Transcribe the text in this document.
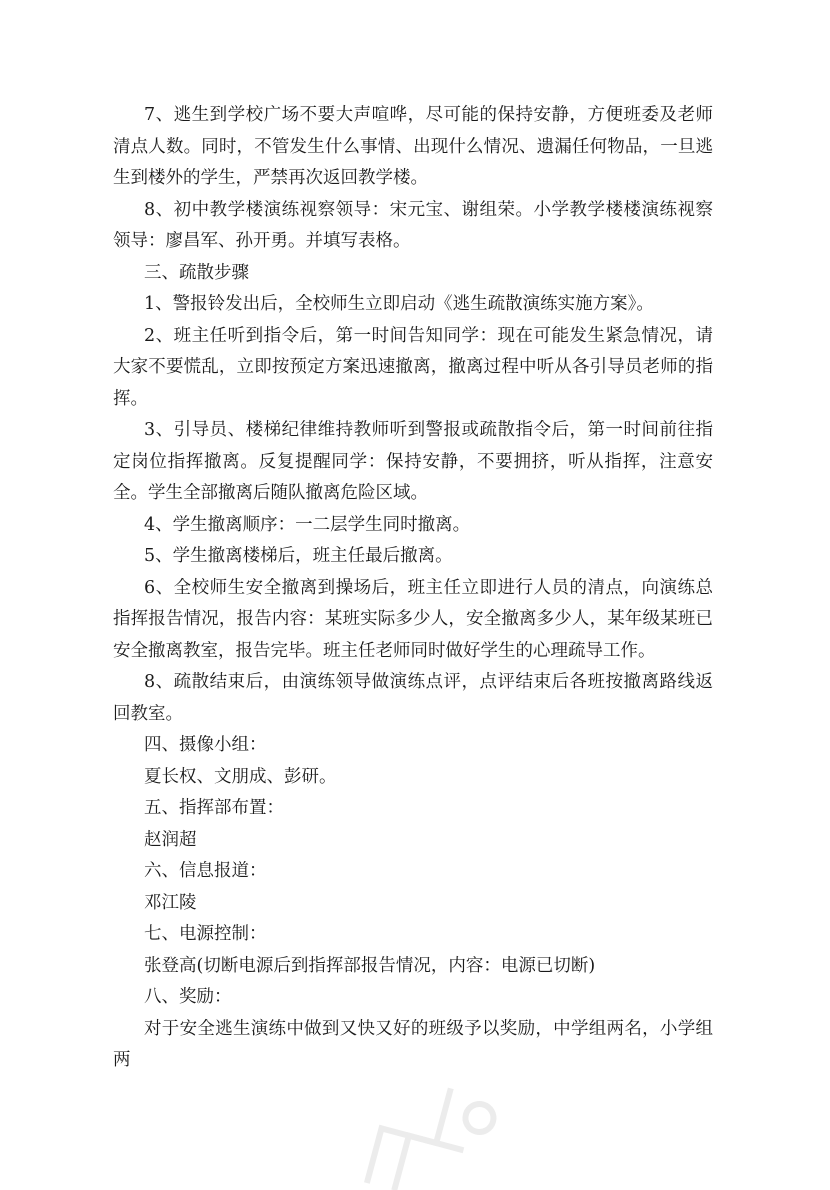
7、逃生到学校广场不要大声喧哗，尽可能的保持安静，方便班委及老师清点人数。同时，不管发生什么事情、出现什么情况、遗漏任何物品，一旦逃生到楼外的学生，严禁再次返回教学楼。

8、初中教学楼演练视察领导：宋元宝、谢组荣。小学教学楼楼演练视察领导：廖昌军、孙开勇。并填写表格。

三、疏散步骤

1、警报铃发出后，全校师生立即启动《逃生疏散演练实施方案》。

2、班主任听到指令后，第一时间告知同学：现在可能发生紧急情况，请大家不要慌乱，立即按预定方案迅速撤离，撤离过程中听从各引导员老师的指挥。

3、引导员、楼梯纪律维持教师听到警报或疏散指令后，第一时间前往指定岗位指挥撤离。反复提醒同学：保持安静，不要拥挤，听从指挥，注意安全。学生全部撤离后随队撤离危险区域。

4、学生撤离顺序：一二层学生同时撤离。

5、学生撤离楼梯后，班主任最后撤离。

6、全校师生安全撤离到操场后，班主任立即进行人员的清点，向演练总指挥报告情况，报告内容：某班实际多少人，安全撤离多少人，某年级某班已安全撤离教室，报告完毕。班主任老师同时做好学生的心理疏导工作。

8、疏散结束后，由演练领导做演练点评，点评结束后各班按撤离路线返回教室。

四、摄像小组：

夏长权、文朋成、彭研。

五、指挥部布置：

赵润超

六、信息报道：

邓江陵

七、电源控制：

张登高(切断电源后到指挥部报告情况，内容：电源已切断)

八、奖励：

对于安全逃生演练中做到又快又好的班级予以奖励，中学组两名，小学组两
